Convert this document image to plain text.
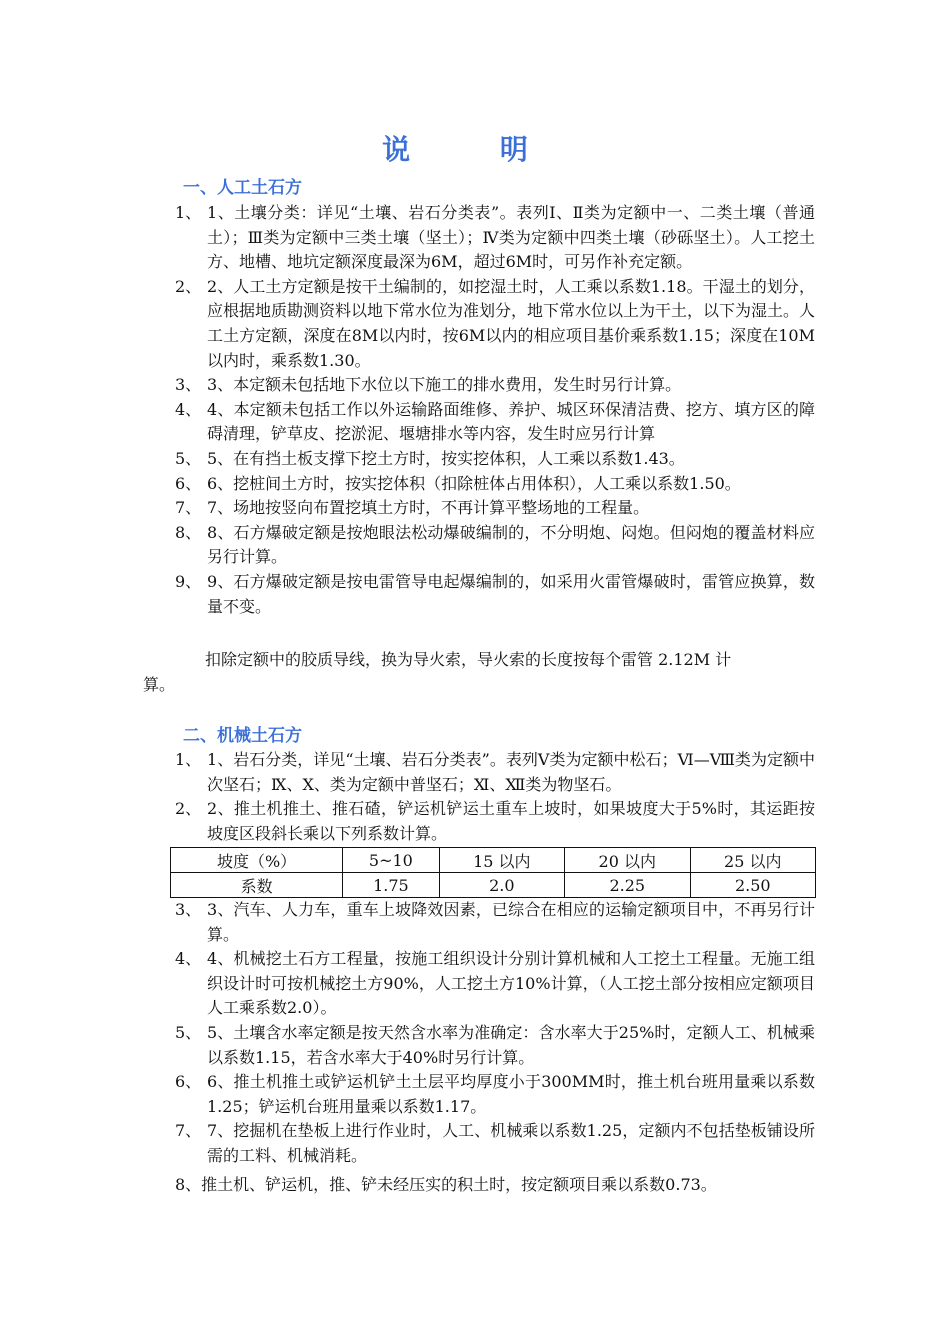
说 明
一、人工土石方
1、 1、土壤分类：详见“土壤、岩石分类表”。表列Ⅰ、Ⅱ类为定额中一、二类土壤（普通土）；Ⅲ类为定额中三类土壤（坚土）；Ⅳ类为定额中四类土壤（砂砾坚土）。人工挖土方、地槽、地坑定额深度最深为6M，超过6M时，可另作补充定额。
2、 2、人工土方定额是按干土编制的，如挖湿土时，人工乘以系数1.18。干湿土的划分，应根据地质勘测资料以地下常水位为准划分，地下常水位以上为干土，以下为湿土。人工土方定额，深度在8M以内时，按6M以内的相应项目基价乘系数1.15；深度在10M以内时，乘系数1.30。
3、 3、本定额未包括地下水位以下施工的排水费用，发生时另行计算。
4、 4、本定额未包括工作以外运输路面维修、养护、城区环保清洁费、挖方、填方区的障碍清理，铲草皮、挖淤泥、堰塘排水等内容，发生时应另行计算
5、 5、在有挡土板支撑下挖土方时，按实挖体积，人工乘以系数1.43。
6、 6、挖桩间土方时，按实挖体积（扣除桩体占用体积），人工乘以系数1.50。
7、 7、场地按竖向布置挖填土方时，不再计算平整场地的工程量。
8、 8、石方爆破定额是按炮眼法松动爆破编制的，不分明炮、闷炮。但闷炮的覆盖材料应另行计算。
9、 9、石方爆破定额是按电雷管导电起爆编制的，如采用火雷管爆破时，雷管应换算，数量不变。
扣除定额中的胶质导线，换为导火索，导火索的长度按每个雷管 2.12M 计
算。
二、机械土石方
1、 1、岩石分类，详见“土壤、岩石分类表”。表列Ⅴ类为定额中松石；Ⅵ—Ⅷ类为定额中次坚石；Ⅸ、Ⅹ、类为定额中普坚石；Ⅺ、Ⅻ类为物坚石。
2、 2、推土机推土、推石碴，铲运机铲运土重车上坡时，如果坡度大于5%时，其运距按坡度区段斜长乘以下列系数计算。
坡度（%）	5~10	15 以内	20 以内	25 以内
系数	1.75	2.0	2.25	2.50
3、 3、汽车、人力车，重车上坡降效因素，已综合在相应的运输定额项目中，不再另行计算。
4、 4、机械挖土石方工程量，按施工组织设计分别计算机械和人工挖土工程量。无施工组织设计时可按机械挖土方90%，人工挖土方10%计算，（人工挖土部分按相应定额项目人工乘系数2.0）。
5、 5、土壤含水率定额是按天然含水率为准确定：含水率大于25%时，定额人工、机械乘以系数1.15，若含水率大于40%时另行计算。
6、 6、推土机推土或铲运机铲土土层平均厚度小于300MM时，推土机台班用量乘以系数1.25；铲运机台班用量乘以系数1.17。
7、 7、挖掘机在垫板上进行作业时，人工、机械乘以系数1.25，定额内不包括垫板铺设所需的工料、机械消耗。
8、推土机、铲运机，推、铲未经压实的积土时，按定额项目乘以系数0.73。
